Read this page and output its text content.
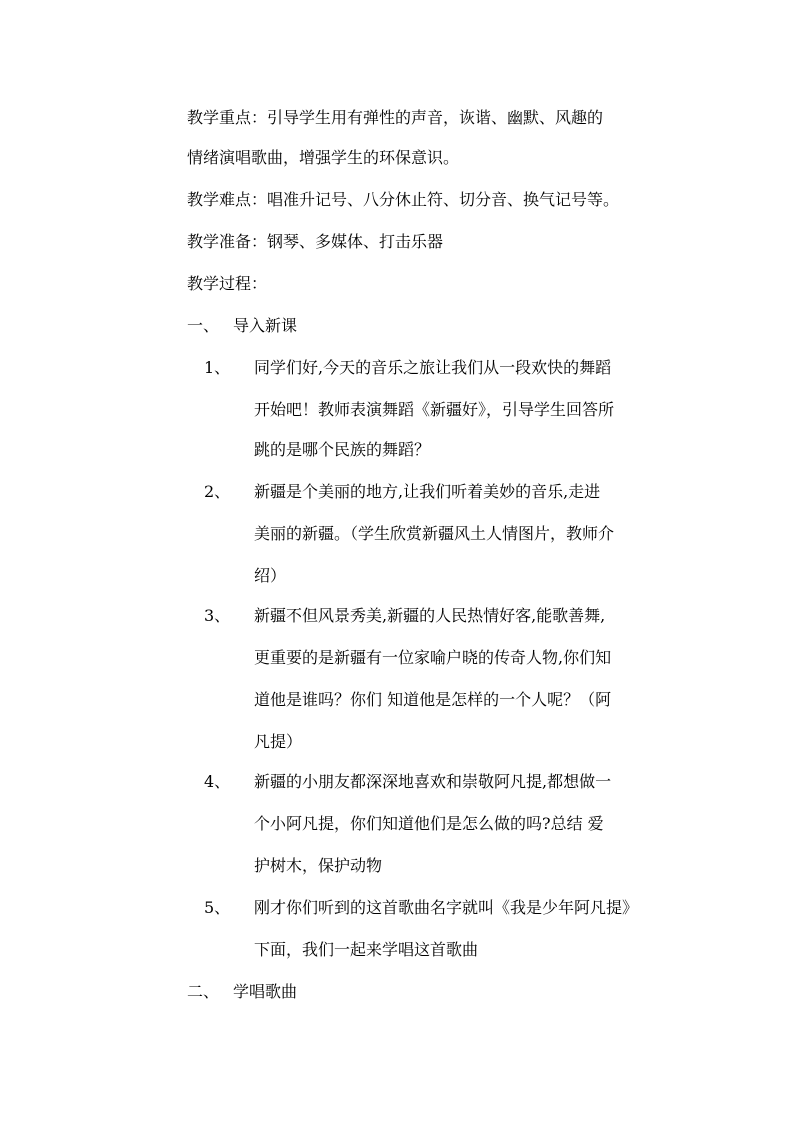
教学重点：引导学生用有弹性的声音，诙谐、幽默、风趣的
情绪演唱歌曲，增强学生的环保意识。
教学难点：唱准升记号、八分休止符、切分音、换气记号等。
教学准备：钢琴、多媒体、打击乐器
教学过程：
一、 导入新课
1、 同学们好,今天的音乐之旅让我们从一段欢快的舞蹈
开始吧！教师表演舞蹈《新疆好》，引导学生回答所
跳的是哪个民族的舞蹈？
2、 新疆是个美丽的地方,让我们听着美妙的音乐,走进
美丽的新疆。（学生欣赏新疆风土人情图片，教师介
绍）
3、 新疆不但风景秀美,新疆的人民热情好客,能歌善舞,
更重要的是新疆有一位家喻户晓的传奇人物,你们知
道他是谁吗？你们 知道他是怎样的一个人呢？（阿
凡提）
4、 新疆的小朋友都深深地喜欢和崇敬阿凡提,都想做一
个小阿凡提，你们知道他们是怎么做的吗?总结 爱
护树木，保护动物
5、 刚才你们听到的这首歌曲名字就叫《我是少年阿凡提》
下面，我们一起来学唱这首歌曲
二、 学唱歌曲
